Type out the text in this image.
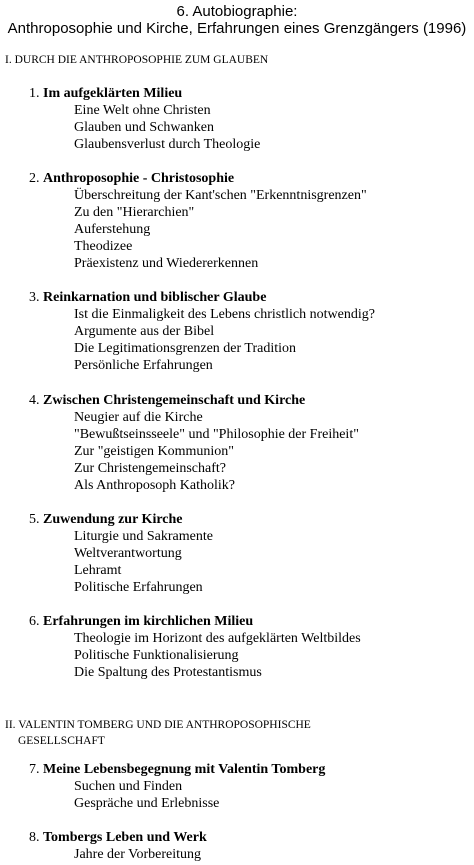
6. Autobiographie:
Anthroposophie und Kirche, Erfahrungen eines Grenzgängers (1996)
I. DURCH DIE ANTHROPOSOPHIE ZUM GLAUBEN
1. Im aufgeklärten Milieu
Eine Welt ohne Christen
Glauben und Schwanken
Glaubensverlust durch Theologie
2. Anthroposophie - Christosophie
Überschreitung der Kant'schen "Erkenntnisgrenzen"
Zu den "Hierarchien"
Auferstehung
Theodizee
Präexistenz und Wiedererkennen
3. Reinkarnation und biblischer Glaube
Ist die Einmaligkeit des Lebens christlich notwendig?
Argumente aus der Bibel
Die Legitimationsgrenzen der Tradition
Persönliche Erfahrungen
4. Zwischen Christengemeinschaft und Kirche
Neugier auf die Kirche
"Bewußtseinsseele" und "Philosophie der Freiheit"
Zur "geistigen Kommunion"
Zur Christengemeinschaft?
Als Anthroposoph Katholik?
5. Zuwendung zur Kirche
Liturgie und Sakramente
Weltverantwortung
Lehramt
Politische Erfahrungen
6. Erfahrungen im kirchlichen Milieu
Theologie im Horizont des aufgeklärten Weltbildes
Politische Funktionalisierung
Die Spaltung des Protestantismus
7. Meine Lebensbegegnung mit Valentin Tomberg
Suchen und Finden
Gespräche und Erlebnisse
8. Tombergs Leben und Werk
Jahre der Vorbereitung
II. VALENTIN TOMBERG UND DIE ANTHROPOSOPHISCHE
GESELLSCHAFT
